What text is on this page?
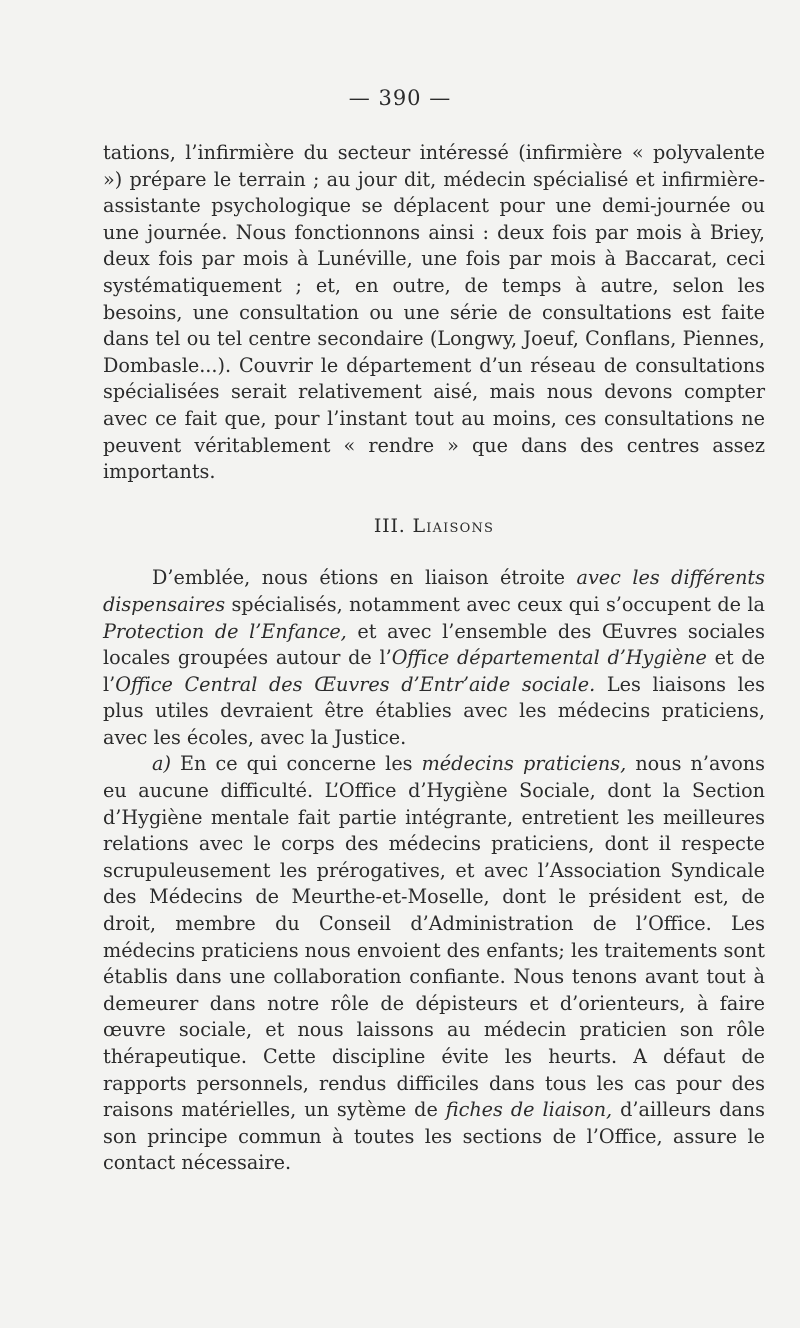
— 390 —

tations, l’infirmière du secteur intéressé (infirmière « polyvalente ») prépare le terrain ; au jour dit, médecin spécialisé et infirmière-assistante psychologique se déplacent pour une demi-journée ou une journée. Nous fonctionnons ainsi : deux fois par mois à Briey, deux fois par mois à Lunéville, une fois par mois à Baccarat, ceci systématiquement ; et, en outre, de temps à autre, selon les besoins, une consultation ou une série de consultations est faite dans tel ou tel centre secondaire (Longwy, Joeuf, Conflans, Piennes, Dombasle...). Couvrir le département d’un réseau de consultations spécialisées serait relativement aisé, mais nous devons compter avec ce fait que, pour l’instant tout au moins, ces consultations ne peuvent véritablement « rendre » que dans des centres assez importants.

III. Liaisons

D’emblée, nous étions en liaison étroite avec les différents dispensaires spécialisés, notamment avec ceux qui s’occupent de la Protection de l’Enfance, et avec l’ensemble des Œuvres sociales locales groupées autour de l’Office départemental d’Hygiène et de l’Office Central des Œuvres d’Entr’aide sociale. Les liaisons les plus utiles devraient être établies avec les médecins praticiens, avec les écoles, avec la Justice.

a) En ce qui concerne les médecins praticiens, nous n’avons eu aucune difficulté. L’Office d’Hygiène Sociale, dont la Section d’Hygiène mentale fait partie intégrante, entretient les meilleures relations avec le corps des médecins praticiens, dont il respecte scrupuleusement les prérogatives, et avec l’Association Syndicale des Médecins de Meurthe-et-Moselle, dont le président est, de droit, membre du Conseil d’Administration de l’Office. Les médecins praticiens nous envoient des enfants; les traitements sont établis dans une collaboration confiante. Nous tenons avant tout à demeurer dans notre rôle de dépisteurs et d’orienteurs, à faire œuvre sociale, et nous laissons au médecin praticien son rôle thérapeutique. Cette discipline évite les heurts. A défaut de rapports personnels, rendus difficiles dans tous les cas pour des raisons matérielles, un sytème de fiches de liaison, d’ailleurs dans son principe commun à toutes les sections de l’Office, assure le contact nécessaire.
